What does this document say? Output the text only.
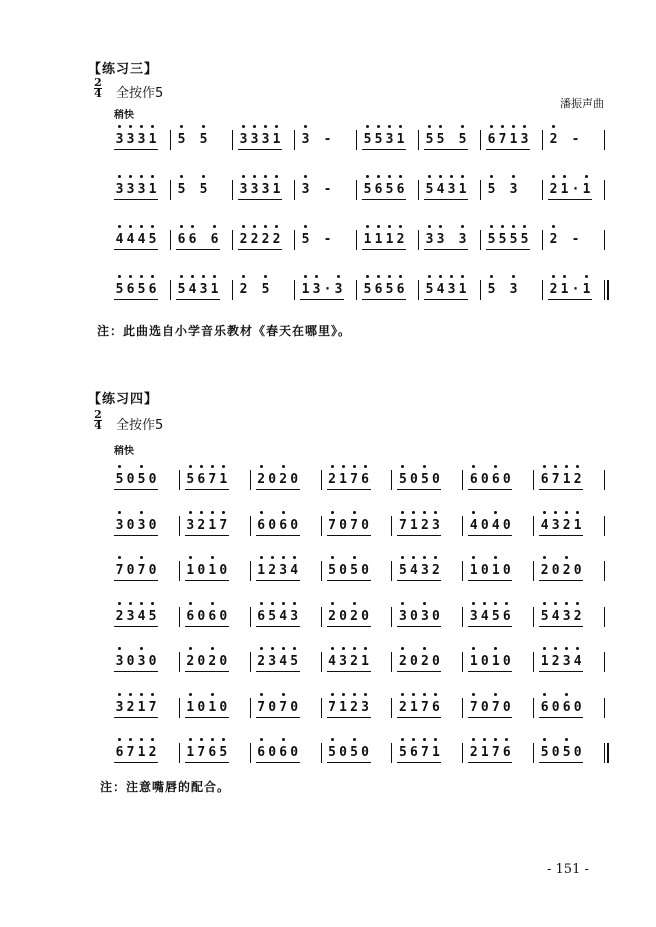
【练习三】
2
4 全按作5
潘振声曲
稍快
3 3 3 1 5 5 3 3 3 1 3 - 5 5 3 1 5 5 5 6 7 1 3 2 -
3 3 3 1 5 5 3 3 3 1 3 - 5 6 5 6 5 4 3 1 5 3 2 1 · 1
4 4 4 5 6 6 6 2 2 2 2 5 - 1 1 1 2 3 3 3 5 5 5 5 2 -
5 6 5 6 5 4 3 1 2 5 1 3 · 3 5 6 5 6 5 4 3 1 5 3 2 1 · 1
注：此曲选自小学音乐教材《春天在哪里》。
【练习四】
2
4 全按作5
稍快
5 0 5 0 5 6 7 1 2 0 2 0 2 1 7 6 5 0 5 0 6 0 6 0 6 7 1 2
3 0 3 0 3 2 1 7 6 0 6 0 7 0 7 0 7 1 2 3 4 0 4 0 4 3 2 1
7 0 7 0 1 0 1 0 1 2 3 4 5 0 5 0 5 4 3 2 1 0 1 0 2 0 2 0
2 3 4 5 6 0 6 0 6 5 4 3 2 0 2 0 3 0 3 0 3 4 5 6 5 4 3 2
3 0 3 0 2 0 2 0 2 3 4 5 4 3 2 1 2 0 2 0 1 0 1 0 1 2 3 4
3 2 1 7 1 0 1 0 7 0 7 0 7 1 2 3 2 1 7 6 7 0 7 0 6 0 6 0
6 7 1 2 1 7 6 5 6 0 6 0 5 0 5 0 5 6 7 1 2 1 7 6 5 0 5 0
注：注意嘴唇的配合。
- 151 -
